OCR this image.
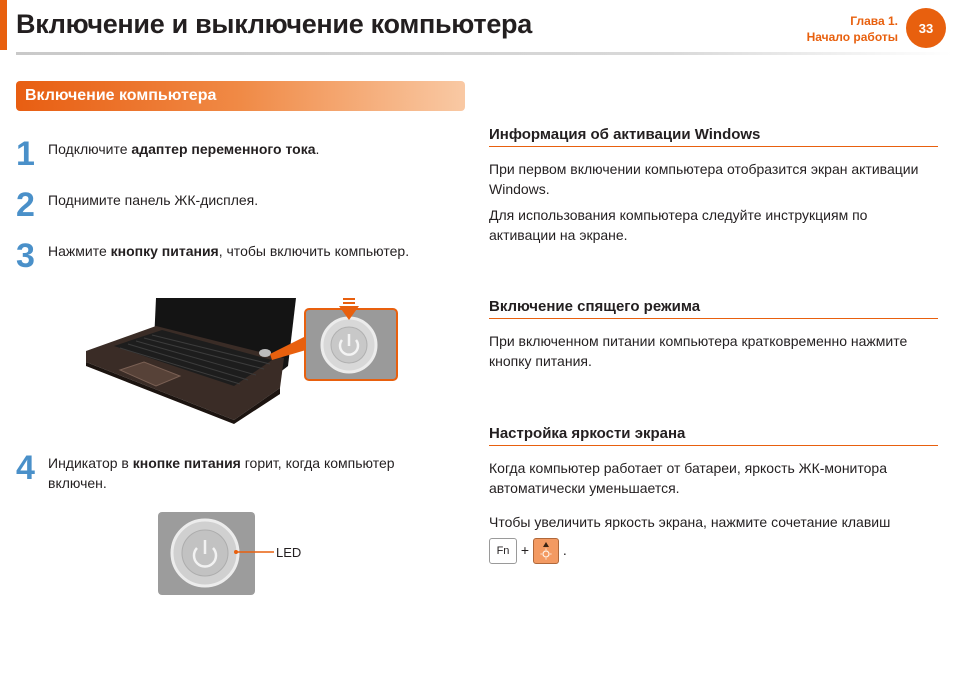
Включение и выключение компьютера	Глава 1.
Начало работы
33
Включение компьютера
1 Подключите адаптер переменного тока.
2 Поднимите панель ЖК-дисплея.
3 Нажмите кнопку питания, чтобы включить компьютер.
4 Индикатор в кнопке питания горит, когда компьютер включен.
LED
Информация об активации Windows
При первом включении компьютера отобразится экран активации Windows.
Для использования компьютера следуйте инструкциям по активации на экране.
Включение спящего режима
При включенном питании компьютера кратковременно нажмите кнопку питания.
Настройка яркости экрана
Когда компьютер работает от батареи, яркость ЖК-монитора автоматически уменьшается.
Чтобы увеличить яркость экрана, нажмите сочетание клавиш
Fn + .
